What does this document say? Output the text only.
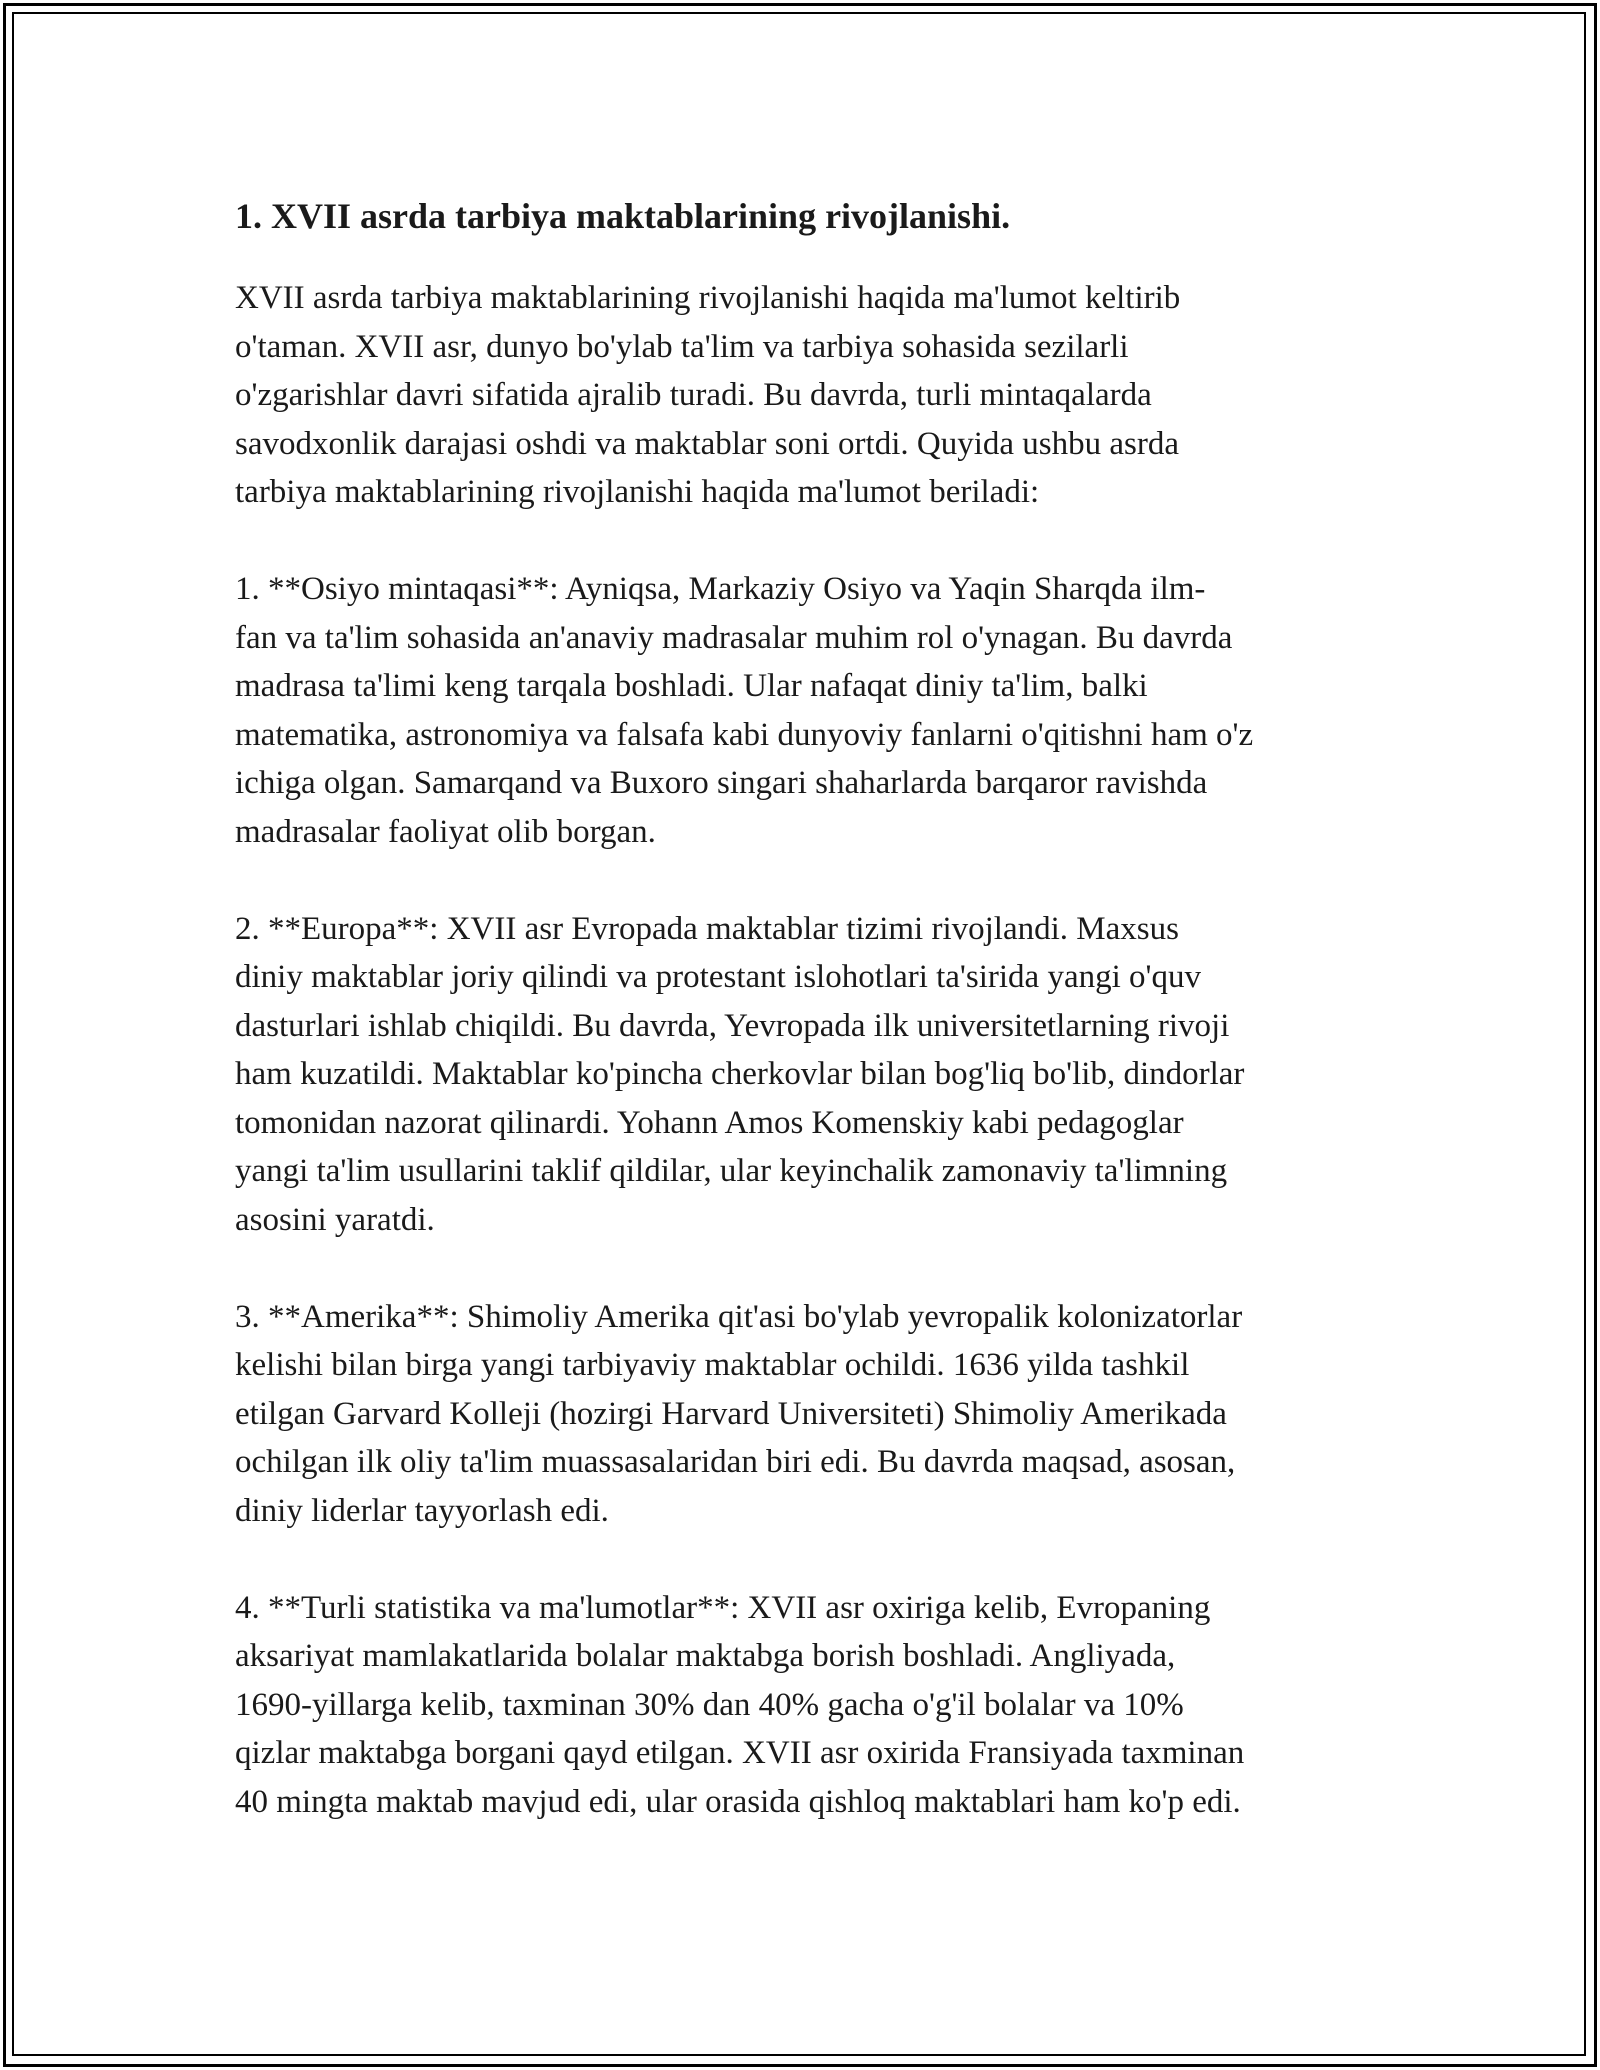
1. XVII asrda tarbiya maktablarining rivojlanishi.

XVII asrda tarbiya maktablarining rivojlanishi haqida ma'lumot keltirib
o'taman. XVII asr, dunyo bo'ylab ta'lim va tarbiya sohasida sezilarli
o'zgarishlar davri sifatida ajralib turadi. Bu davrda, turli mintaqalarda
savodxonlik darajasi oshdi va maktablar soni ortdi. Quyida ushbu asrda
tarbiya maktablarining rivojlanishi haqida ma'lumot beriladi:

1. **Osiyo mintaqasi**: Ayniqsa, Markaziy Osiyo va Yaqin Sharqda ilm-
fan va ta'lim sohasida an'anaviy madrasalar muhim rol o'ynagan. Bu davrda
madrasa ta'limi keng tarqala boshladi. Ular nafaqat diniy ta'lim, balki
matematika, astronomiya va falsafa kabi dunyoviy fanlarni o'qitishni ham o'z
ichiga olgan. Samarqand va Buxoro singari shaharlarda barqaror ravishda
madrasalar faoliyat olib borgan.

2. **Europa**: XVII asr Evropada maktablar tizimi rivojlandi. Maxsus
diniy maktablar joriy qilindi va protestant islohotlari ta'sirida yangi o'quv
dasturlari ishlab chiqildi. Bu davrda, Yevropada ilk universitetlarning rivoji
ham kuzatildi. Maktablar ko'pincha cherkovlar bilan bog'liq bo'lib, dindorlar
tomonidan nazorat qilinardi. Yohann Amos Komenskiy kabi pedagoglar
yangi ta'lim usullarini taklif qildilar, ular keyinchalik zamonaviy ta'limning
asosini yaratdi.

3. **Amerika**: Shimoliy Amerika qit'asi bo'ylab yevropalik kolonizatorlar
kelishi bilan birga yangi tarbiyaviy maktablar ochildi. 1636 yilda tashkil
etilgan Garvard Kolleji (hozirgi Harvard Universiteti) Shimoliy Amerikada
ochilgan ilk oliy ta'lim muassasalaridan biri edi. Bu davrda maqsad, asosan,
diniy liderlar tayyorlash edi.

4. **Turli statistika va ma'lumotlar**: XVII asr oxiriga kelib, Evropaning
aksariyat mamlakatlarida bolalar maktabga borish boshladi. Angliyada,
1690-yillarga kelib, taxminan 30% dan 40% gacha o'g'il bolalar va 10%
qizlar maktabga borgani qayd etilgan. XVII asr oxirida Fransiyada taxminan
40 mingta maktab mavjud edi, ular orasida qishloq maktablari ham ko'p edi.
